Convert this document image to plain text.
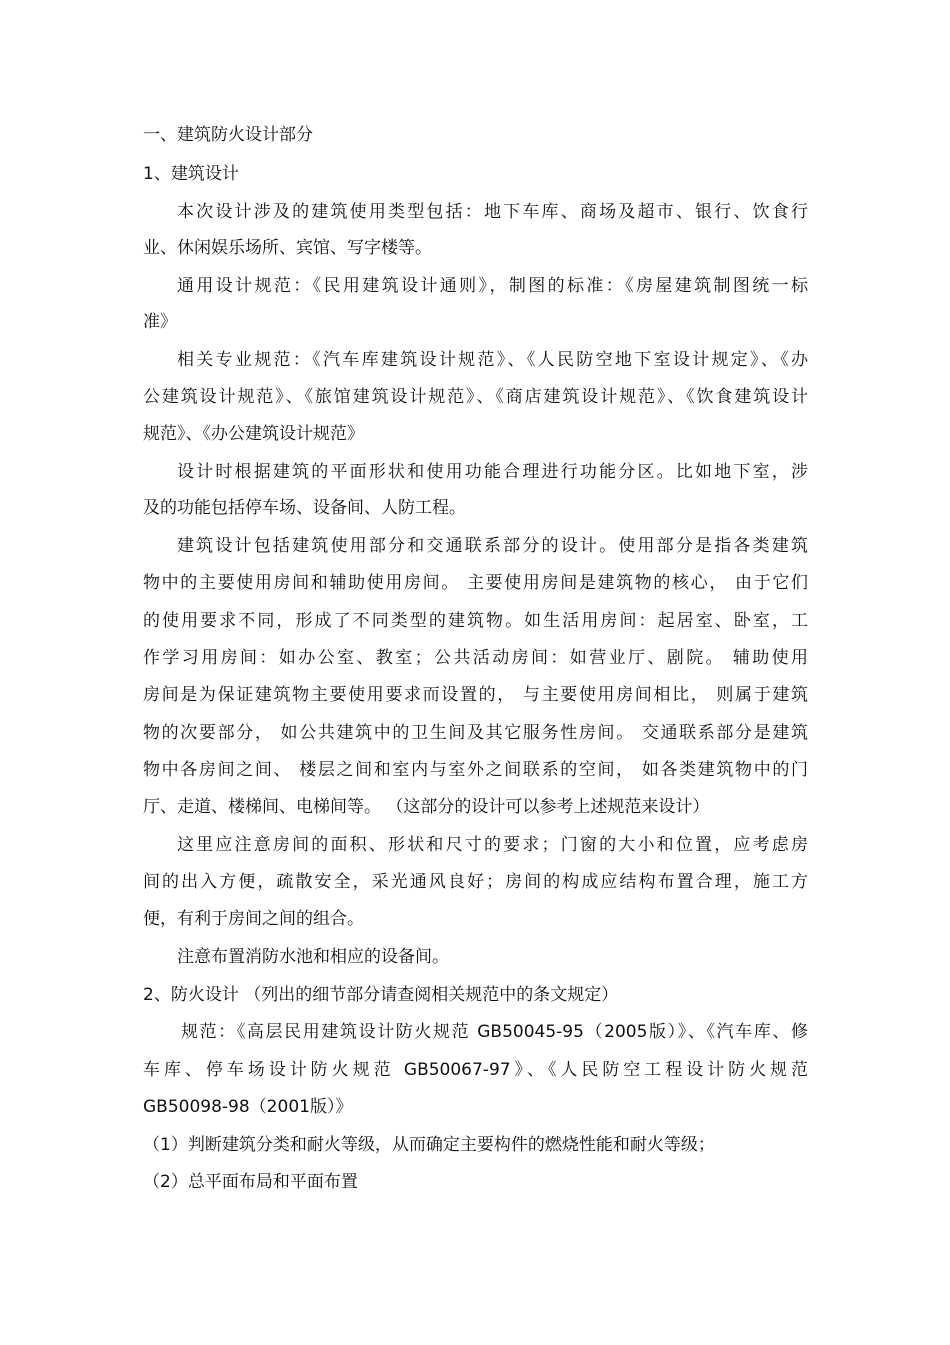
一、建筑防火设计部分
1、建筑设计
本次设计涉及的建筑使用类型包括：地下车库、商场及超市、银行、饮食行
业、休闲娱乐场所、宾馆、写字楼等。
通用设计规范：《民用建筑设计通则》，制图的标准：《房屋建筑制图统一标
准》
相关专业规范：《汽车库建筑设计规范》、《人民防空地下室设计规定》、《办
公建筑设计规范》、《旅馆建筑设计规范》、《商店建筑设计规范》、《饮食建筑设计
规范》、《办公建筑设计规范》
设计时根据建筑的平面形状和使用功能合理进行功能分区。比如地下室，涉
及的功能包括停车场、设备间、人防工程。
建筑设计包括建筑使用部分和交通联系部分的设计。使用部分是指各类建筑
物中的主要使用房间和辅助使用房间。 主要使用房间是建筑物的核心， 由于它们
的使用要求不同，形成了不同类型的建筑物。如生活用房间：起居室、卧室，工
作学习用房间：如办公室、教室；公共活动房间：如营业厅、剧院。 辅助使用
房间是为保证建筑物主要使用要求而设置的， 与主要使用房间相比， 则属于建筑
物的次要部分， 如公共建筑中的卫生间及其它服务性房间。 交通联系部分是建筑
物中各房间之间、 楼层之间和室内与室外之间联系的空间， 如各类建筑物中的门
厅、走道、楼梯间、电梯间等。 （这部分的设计可以参考上述规范来设计）
这里应注意房间的面积、形状和尺寸的要求；门窗的大小和位置，应考虑房
间的出入方便，疏散安全，采光通风良好；房间的构成应结构布置合理，施工方
便，有利于房间之间的组合。
注意布置消防水池和相应的设备间。
2、防火设计 （列出的细节部分请查阅相关规范中的条文规定）
规范：《高层民用建筑设计防火规范 GB50045-95（2005版）》、《汽车库、修
车库、停车场设计防火规范 GB50067-97》、《人民防空工程设计防火规范
GB50098-98（2001版）》
（1）判断建筑分类和耐火等级，从而确定主要构件的燃烧性能和耐火等级；
（2）总平面布局和平面布置
